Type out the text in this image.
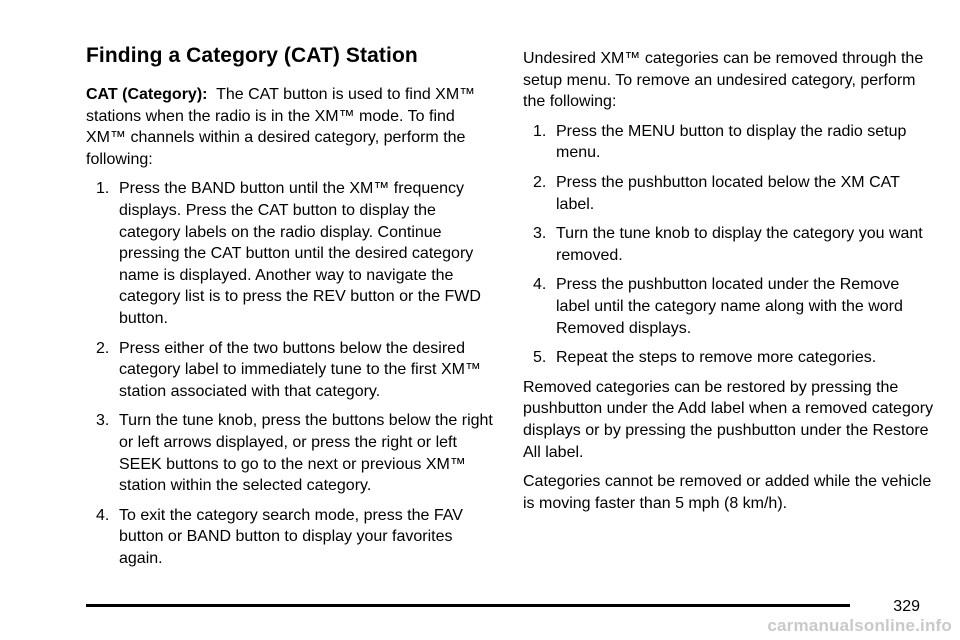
Finding a Category (CAT) Station

CAT (Category): The CAT button is used to find XM™ stations when the radio is in the XM™ mode. To find XM™ channels within a desired category, perform the following:

1. Press the BAND button until the XM™ frequency displays. Press the CAT button to display the category labels on the radio display. Continue pressing the CAT button until the desired category name is displayed. Another way to navigate the category list is to press the REV button or the FWD button.
2. Press either of the two buttons below the desired category label to immediately tune to the first XM™ station associated with that category.
3. Turn the tune knob, press the buttons below the right or left arrows displayed, or press the right or left SEEK buttons to go to the next or previous XM™ station within the selected category.
4. To exit the category search mode, press the FAV button or BAND button to display your favorites again.

Undesired XM™ categories can be removed through the setup menu. To remove an undesired category, perform the following:

1. Press the MENU button to display the radio setup menu.
2. Press the pushbutton located below the XM CAT label.
3. Turn the tune knob to display the category you want removed.
4. Press the pushbutton located under the Remove label until the category name along with the word Removed displays.
5. Repeat the steps to remove more categories.

Removed categories can be restored by pressing the pushbutton under the Add label when a removed category displays or by pressing the pushbutton under the Restore All label.

Categories cannot be removed or added while the vehicle is moving faster than 5 mph (8 km/h).

329
carmanualsonline.info
